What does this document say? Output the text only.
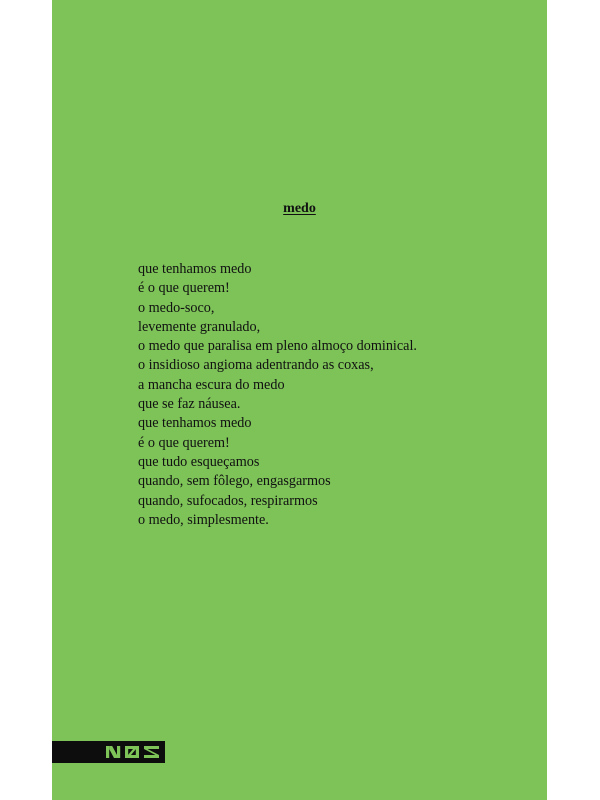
medo
que tenhamos medo
é o que querem!
o medo-soco,
levemente granulado,
o medo que paralisa em pleno almoço dominical.
o insidioso angioma adentrando as coxas,
a mancha escura do medo
que se faz náusea.
que tenhamos medo
é o que querem!
que tudo esqueçamos
quando, sem fôlego, engasgarmos
quando, sufocados, respirarmos
o medo, simplesmente.
